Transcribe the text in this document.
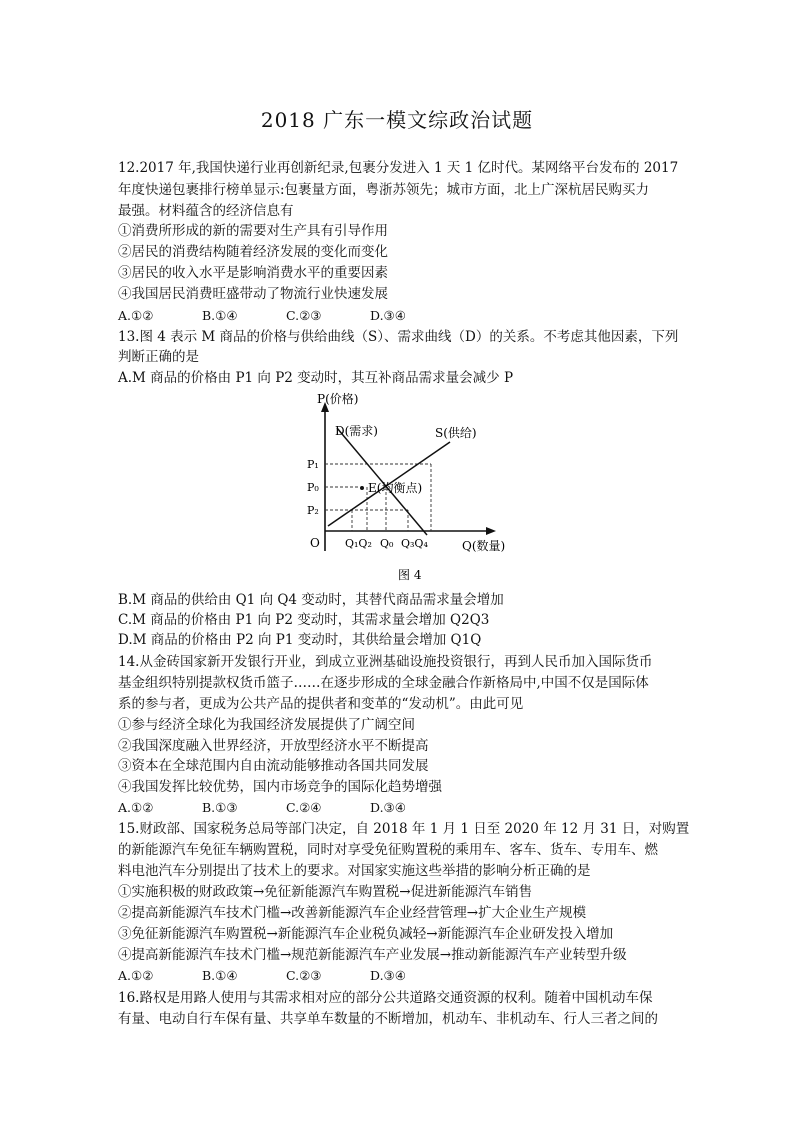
2018 广东一模文综政治试题
12.2017 年,我国快递行业再创新纪录,包裹分发进入 1 天 1 亿时代。某网络平台发布的 2017
年度快递包裹排行榜单显示:包裹量方面，粤浙苏领先；城市方面，北上广深杭居民购买力
最强。材料蕴含的经济信息有
①消费所形成的新的需要对生产具有引导作用
②居民的消费结构随着经济发展的变化而变化
③居民的收入水平是影响消费水平的重要因素
④我国居民消费旺盛带动了物流行业快速发展
A.①②	B.①④	C.②③	D.③④
13.图 4 表示 M 商品的价格与供给曲线（S）、需求曲线（D）的关系。不考虑其他因素，下列
判断正确的是
A.M 商品的价格由 P1 向 P2 变动时，其互补商品需求量会减少 P
P(价格)
D(需求)	S(供给)
E(均衡点)
P₁
P₀
P₂
O Q₁Q₂ Q₀ Q₃Q₄	Q(数量)
图 4
B.M 商品的供给由 Q1 向 Q4 变动时，其替代商品需求量会增加
C.M 商品的价格由 P1 向 P2 变动时，其需求量会增加 Q2Q3
D.M 商品的价格由 P2 向 P1 变动时，其供给量会增加 Q1Q
14.从金砖国家新开发银行开业，到成立亚洲基础设施投资银行，再到人民币加入国际货币
基金组织特别提款权货币篮子……在逐步形成的全球金融合作新格局中,中国不仅是国际体
系的参与者，更成为公共产品的提供者和变革的“发动机”。由此可见
①参与经济全球化为我国经济发展提供了广阔空间
②我国深度融入世界经济，开放型经济水平不断提高
③资本在全球范围内自由流动能够推动各国共同发展
④我国发挥比较优势，国内市场竞争的国际化趋势增强
A.①②	B.①③	C.②④	D.③④
15.财政部、国家税务总局等部门决定，自 2018 年 1 月 1 日至 2020 年 12 月 31 日，对购置
的新能源汽车免征车辆购置税，同时对享受免征购置税的乘用车、客车、货车、专用车、燃
料电池汽车分别提出了技术上的要求。对国家实施这些举措的影响分析正确的是
①实施积极的财政政策→免征新能源汽车购置税→促进新能源汽车销售
②提高新能源汽车技术门槛→改善新能源汽车企业经营管理→扩大企业生产规模
③免征新能源汽车购置税→新能源汽车企业税负减轻→新能源汽车企业研发投入增加
④提高新能源汽车技术门槛→规范新能源汽车产业发展→推动新能源汽车产业转型升级
A.①②	B.①④	C.②③	D.③④
16.路权是用路人使用与其需求相对应的部分公共道路交通资源的权利。随着中国机动车保
有量、电动自行车保有量、共享单车数量的不断增加，机动车、非机动车、行人三者之间的
